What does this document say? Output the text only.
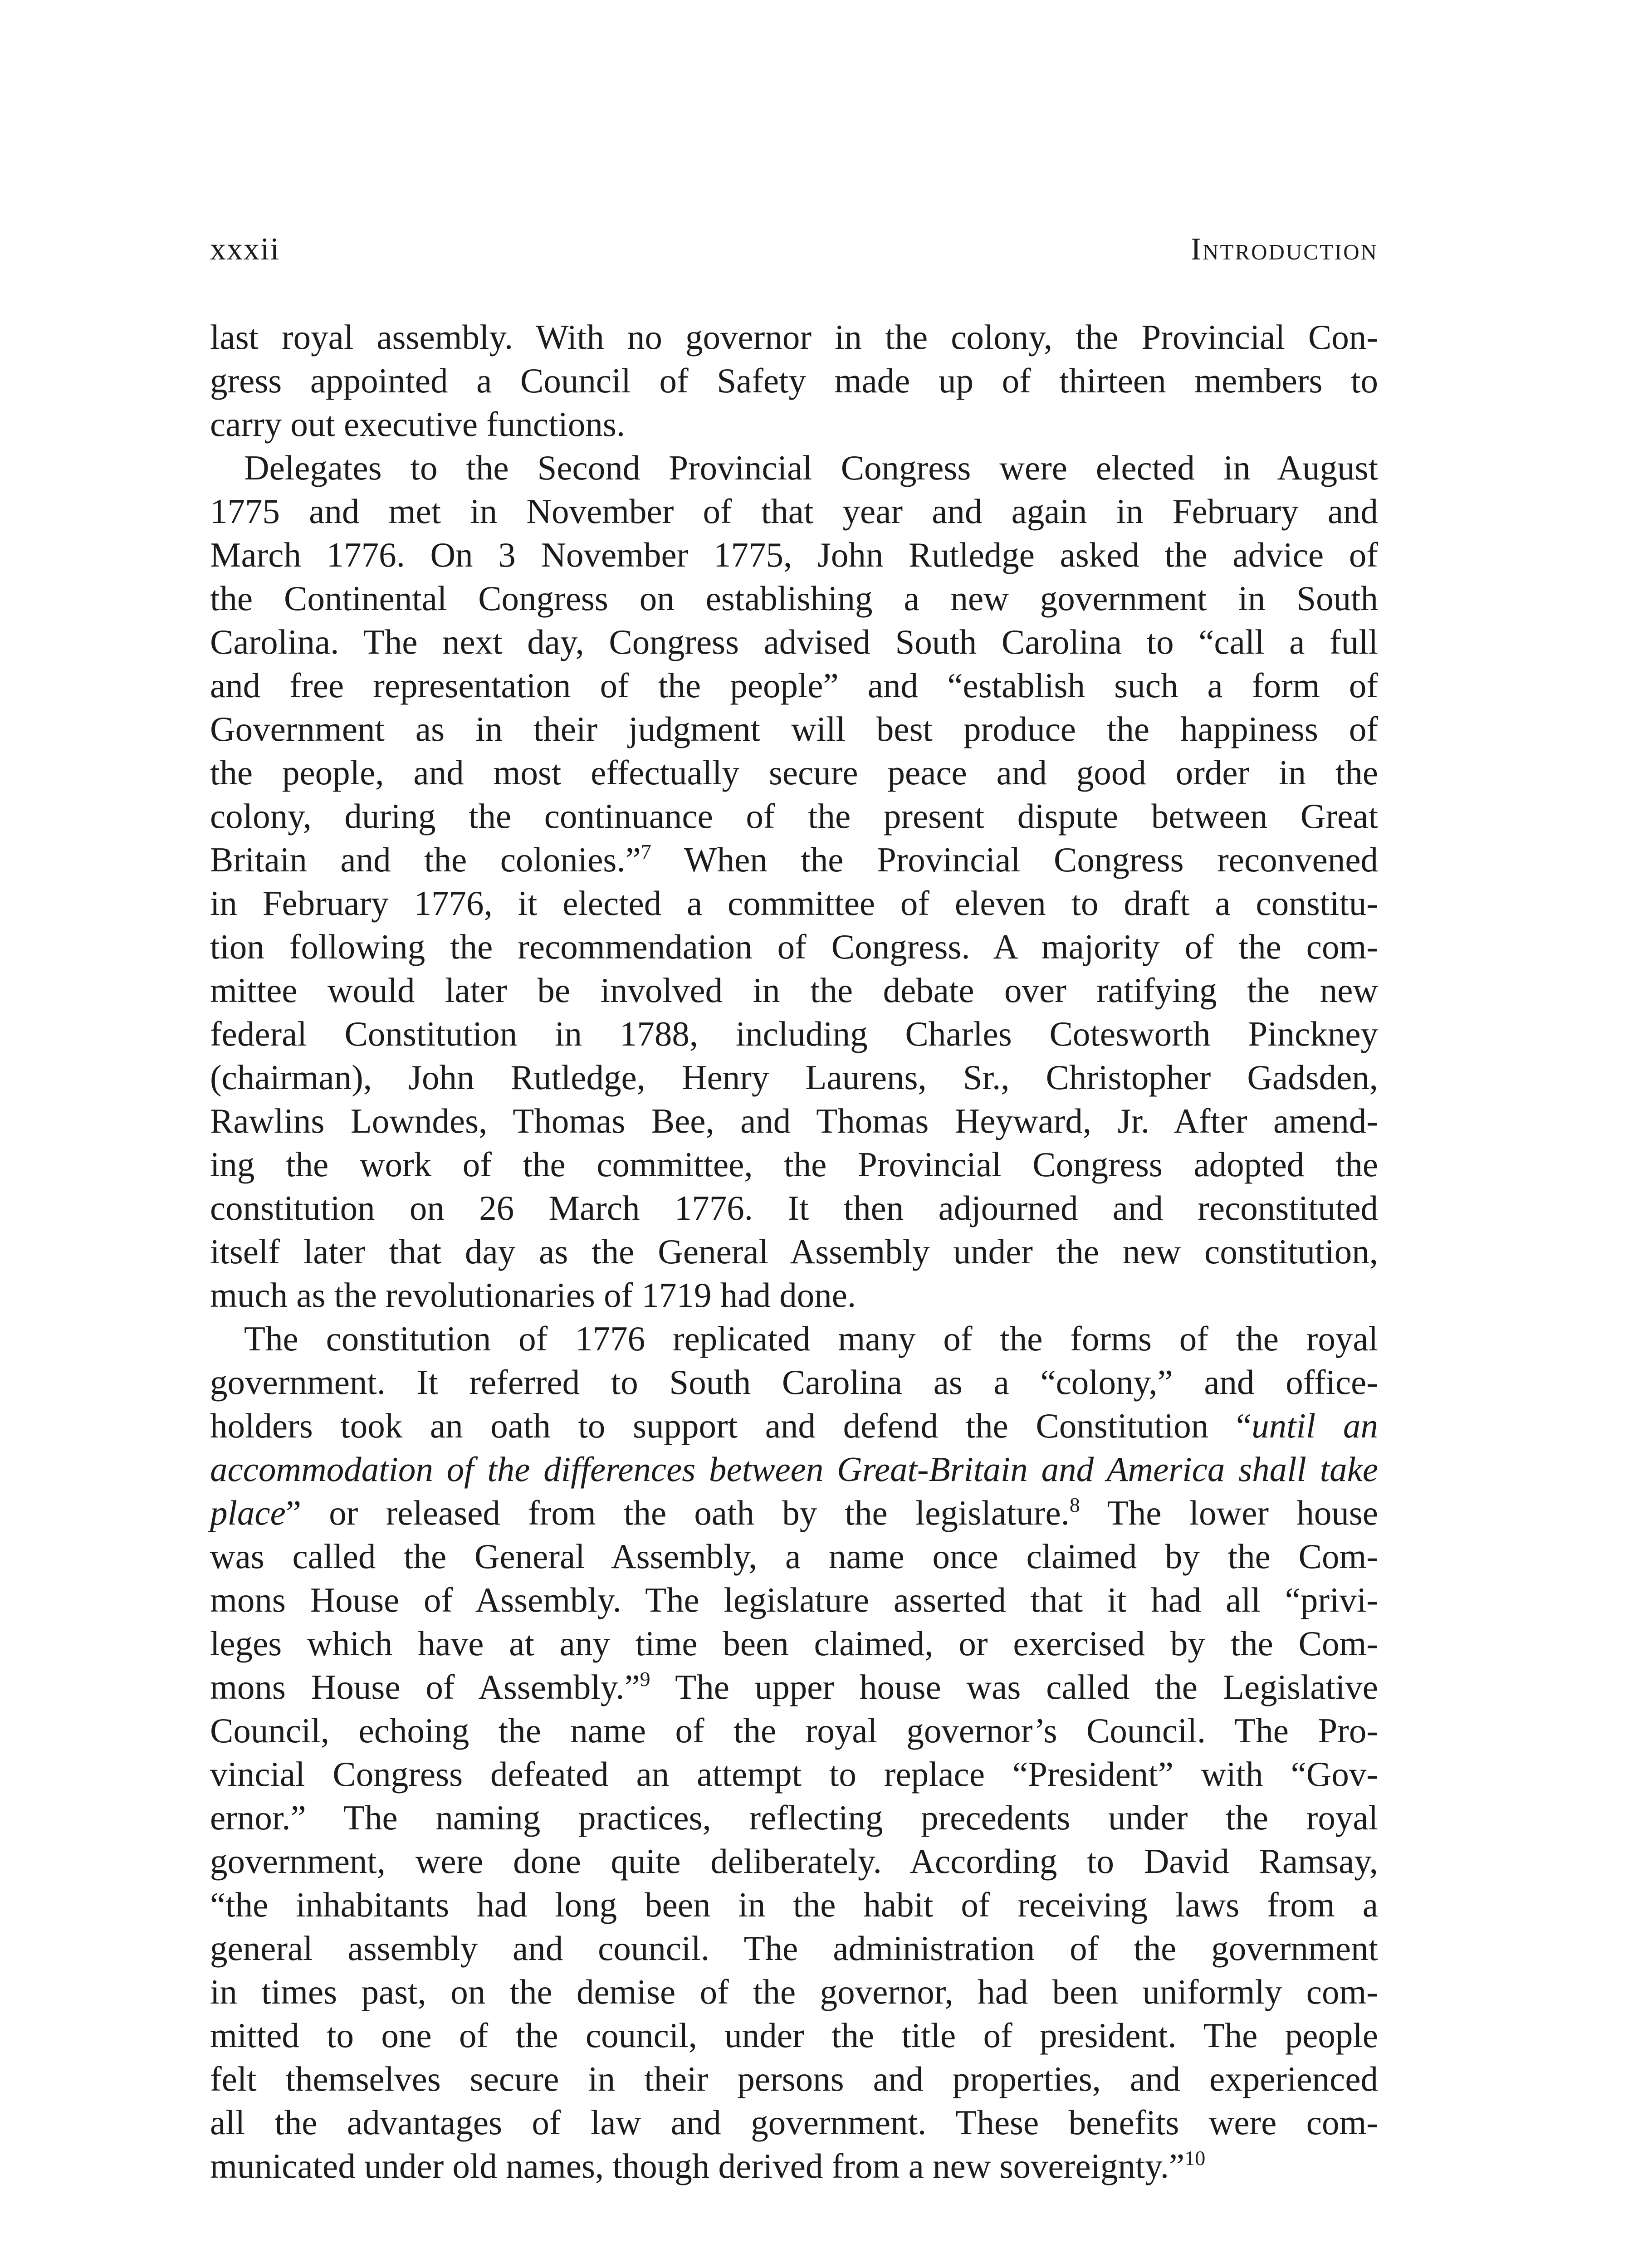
xxxii	Introduction
last royal assembly. With no governor in the colony, the Provincial Con-
gress appointed a Council of Safety made up of thirteen members to
carry out executive functions.
Delegates to the Second Provincial Congress were elected in August
1775 and met in November of that year and again in February and
March 1776. On 3 November 1775, John Rutledge asked the advice of
the Continental Congress on establishing a new government in South
Carolina. The next day, Congress advised South Carolina to “call a full
and free representation of the people” and “establish such a form of
Government as in their judgment will best produce the happiness of
the people, and most effectually secure peace and good order in the
colony, during the continuance of the present dispute between Great
Britain and the colonies.”$^7$ When the Provincial Congress reconvened
in February 1776, it elected a committee of eleven to draft a constitu-
tion following the recommendation of Congress. A majority of the com-
mittee would later be involved in the debate over ratifying the new
federal Constitution in 1788, including Charles Cotesworth Pinckney
(chairman), John Rutledge, Henry Laurens, Sr., Christopher Gadsden,
Rawlins Lowndes, Thomas Bee, and Thomas Heyward, Jr. After amend-
ing the work of the committee, the Provincial Congress adopted the
constitution on 26 March 1776. It then adjourned and reconstituted
itself later that day as the General Assembly under the new constitution,
much as the revolutionaries of 1719 had done.
The constitution of 1776 replicated many of the forms of the royal
government. It referred to South Carolina as a “colony,” and office-
holders took an oath to support and defend the Constitution “until an
accommodation of the differences between Great-Britain and America shall take
place” or released from the oath by the legislature.$^8$ The lower house
was called the General Assembly, a name once claimed by the Com-
mons House of Assembly. The legislature asserted that it had all “privi-
leges which have at any time been claimed, or exercised by the Com-
mons House of Assembly.”$^9$ The upper house was called the Legislative
Council, echoing the name of the royal governor’s Council. The Pro-
vincial Congress defeated an attempt to replace “President” with “Gov-
ernor.” The naming practices, reflecting precedents under the royal
government, were done quite deliberately. According to David Ramsay,
“the inhabitants had long been in the habit of receiving laws from a
general assembly and council. The administration of the government
in times past, on the demise of the governor, had been uniformly com-
mitted to one of the council, under the title of president. The people
felt themselves secure in their persons and properties, and experienced
all the advantages of law and government. These benefits were com-
municated under old names, though derived from a new sovereignty.”$^{10}$
